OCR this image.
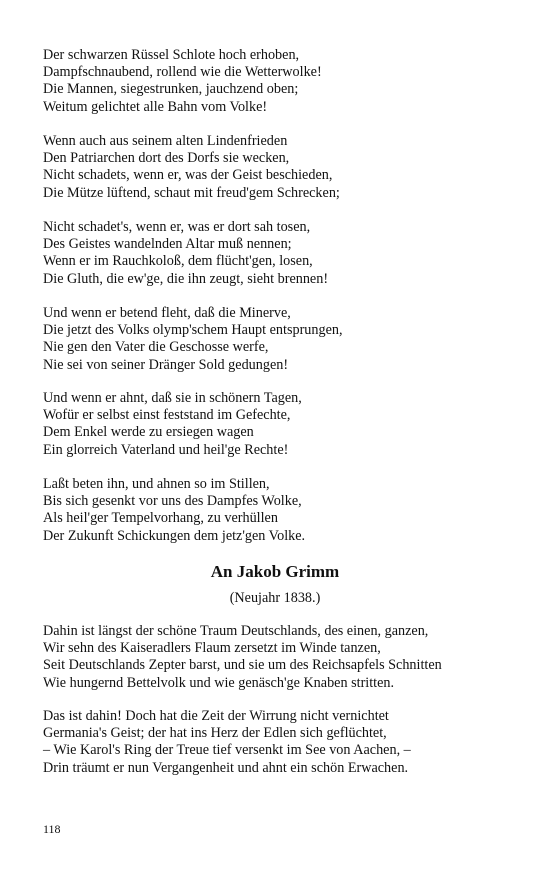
Der schwarzen Rüssel Schlote hoch erhoben,

Dampfschnaubend, rollend wie die Wetterwolke!

Die Mannen, siegestrunken, jauchzend oben;

Weitum gelichtet alle Bahn vom Volke!

Wenn auch aus seinem alten Lindenfrieden

Den Patriarchen dort des Dorfs sie wecken,

Nicht schadets, wenn er, was der Geist beschieden,

Die Mütze lüftend, schaut mit freud'gem Schrecken;

Nicht schadet's, wenn er, was er dort sah tosen,

Des Geistes wandelnden Altar muß nennen;

Wenn er im Rauchkoloß, dem flücht'gen, losen,

Die Gluth, die ew'ge, die ihn zeugt, sieht brennen!

Und wenn er betend fleht, daß die Minerve,

Die jetzt des Volks olymp'schem Haupt entsprungen,

Nie gen den Vater die Geschosse werfe,

Nie sei von seiner Dränger Sold gedungen!

Und wenn er ahnt, daß sie in schönern Tagen,

Wofür er selbst einst feststand im Gefechte,

Dem Enkel werde zu ersiegen wagen

Ein glorreich Vaterland und heil'ge Rechte!

Laßt beten ihn, und ahnen so im Stillen,

Bis sich gesenkt vor uns des Dampfes Wolke,

Als heil'ger Tempelvorhang, zu verhüllen

Der Zukunft Schickungen dem jetz'gen Volke.

An Jakob Grimm

(Neujahr 1838.)

Dahin ist längst der schöne Traum Deutschlands, des einen, ganzen,

Wir sehn des Kaiseradlers Flaum zersetzt im Winde tanzen,

Seit Deutschlands Zepter barst, und sie um des Reichsapfels Schnitten

Wie hungernd Bettelvolk und wie genäsch'ge Knaben stritten.

Das ist dahin! Doch hat die Zeit der Wirrung nicht vernichtet

Germania's Geist; der hat ins Herz der Edlen sich geflüchtet,

– Wie Karol's Ring der Treue tief versenkt im See von Aachen, –

Drin träumt er nun Vergangenheit und ahnt ein schön Erwachen.

118
